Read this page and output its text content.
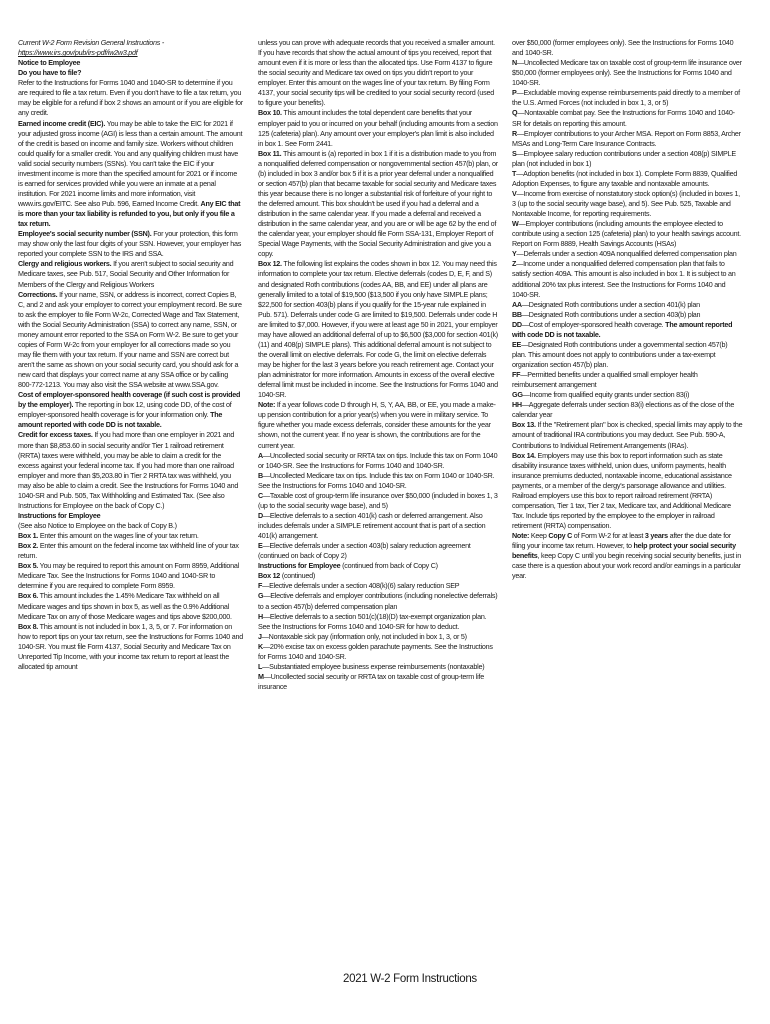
Current W-2 Form Revision General Instructions - https://www.irs.gov/pub/irs-pdf/iw2w3.pdf

Notice to Employee

Do you have to file?

Refer to the Instructions for Forms 1040 and 1040-SR to determine if you are required to file a tax return. Even if you don't have to file a tax return, you may be eligible for a refund if box 2 shows an amount or if you are eligible for any credit.

Earned income credit (EIC). You may be able to take the EIC for 2021 if your adjusted gross income (AGI) is less than a certain amount. The amount of the credit is based on income and family size. Workers without children could qualify for a smaller credit. You and any qualifying children must have valid social security numbers (SSNs). You can't take the EIC if your investment income is more than the specified amount for 2021 or if income is earned for services provided while you were an inmate at a penal institution. For 2021 income limits and more information, visit www.irs.gov/EITC. See also Pub. 596, Earned Income Credit. Any EIC that is more than your tax liability is refunded to you, but only if you file a tax return.

Employee's social security number (SSN). For your protection, this form may show only the last four digits of your SSN. However, your employer has reported your complete SSN to the IRS and SSA.

Clergy and religious workers. If you aren't subject to social security and Medicare taxes, see Pub. 517, Social Security and Other Information for Members of the Clergy and Religious Workers

Corrections. If your name, SSN, or address is incorrect, correct Copies B, C, and 2 and ask your employer to correct your employment record. Be sure to ask the employer to file Form W-2c, Corrected Wage and Tax Statement, with the Social Security Administration (SSA) to correct any name, SSN, or money amount error reported to the SSA on Form W-2. Be sure to get your copies of Form W-2c from your employer for all corrections made so you may file them with your tax return. If your name and SSN are correct but aren't the same as shown on your social security card, you should ask for a new card that displays your correct name at any SSA office or by calling 800-772-1213. You may also visit the SSA website at www.SSA.gov.

Cost of employer-sponsored health coverage (if such cost is provided by the employer). The reporting in box 12, using code DD, of the cost of employer-sponsored health coverage is for your information only. The amount reported with code DD is not taxable.

Credit for excess taxes. If you had more than one employer in 2021 and more than $8,853.60 in social security and/or Tier 1 railroad retirement (RRTA) taxes were withheld, you may be able to claim a credit for the excess against your federal income tax. If you had more than one railroad employer and more than $5,203.80 in Tier 2 RRTA tax was withheld, you may also be able to claim a credit. See the Instructions for Forms 1040 and 1040-SR and Pub. 505, Tax Withholding and Estimated Tax. (See also Instructions for Employee on the back of Copy C.)

Instructions for Employee

(See also Notice to Employee on the back of Copy B.)

Box 1. Enter this amount on the wages line of your tax return.

Box 2. Enter this amount on the federal income tax withheld line of your tax return.

Box 5. You may be required to report this amount on Form 8959, Additional Medicare Tax. See the Instructions for Forms 1040 and 1040-SR to determine if you are required to complete Form 8959.

Box 6. This amount includes the 1.45% Medicare Tax withheld on all Medicare wages and tips shown in box 5, as well as the 0.9% Additional Medicare Tax on any of those Medicare wages and tips above $200,000.

Box 8. This amount is not included in box 1, 3, 5, or 7. For information on how to report tips on your tax return, see the Instructions for Forms 1040 and 1040-SR. You must file Form 4137, Social Security and Medicare Tax on Unreported Tip Income, with your income tax return to report at least the allocated tip amount

unless you can prove with adequate records that you received a smaller amount. If you have records that show the actual amount of tips you received, report that amount even if it is more or less than the allocated tips. Use Form 4137 to figure the social security and Medicare tax owed on tips you didn't report to your employer. Enter this amount on the wages line of your tax return. By filing Form 4137, your social security tips will be credited to your social security record (used to figure your benefits).

Box 10. This amount includes the total dependent care benefits that your employer paid to you or incurred on your behalf (including amounts from a section 125 (cafeteria) plan). Any amount over your employer's plan limit is also included in box 1. See Form 2441.

Box 11. This amount is (a) reported in box 1 if it is a distribution made to you from a nonqualified deferred compensation or nongovernmental section 457(b) plan, or (b) included in box 3 and/or box 5 if it is a prior year deferral under a nonqualified or section 457(b) plan that became taxable for social security and Medicare taxes this year because there is no longer a substantial risk of forfeiture of your right to the deferred amount. This box shouldn't be used if you had a deferral and a distribution in the same calendar year. If you made a deferral and received a distribution in the same calendar year, and you are or will be age 62 by the end of the calendar year, your employer should file Form SSA-131, Employer Report of Special Wage Payments, with the Social Security Administration and give you a copy.

Box 12. The following list explains the codes shown in box 12. You may need this information to complete your tax return. Elective deferrals (codes D, E, F, and S) and designated Roth contributions (codes AA, BB, and EE) under all plans are generally limited to a total of $19,500 ($13,500 if you only have SIMPLE plans; $22,500 for section 403(b) plans if you qualify for the 15-year rule explained in Pub. 571). Deferrals under code G are limited to $19,500. Deferrals under code H are limited to $7,000. However, if you were at least age 50 in 2021, your employer may have allowed an additional deferral of up to $6,500 ($3,000 for section 401(k)(11) and 408(p) SIMPLE plans). This additional deferral amount is not subject to the overall limit on elective deferrals. For code G, the limit on elective deferrals may be higher for the last 3 years before you reach retirement age. Contact your plan administrator for more information. Amounts in excess of the overall elective deferral limit must be included in income. See the Instructions for Forms 1040 and 1040-SR.

Note: If a year follows code D through H, S, Y, AA, BB, or EE, you made a make-up pension contribution for a prior year(s) when you were in military service. To figure whether you made excess deferrals, consider these amounts for the year shown, not the current year. If no year is shown, the contributions are for the current year.

A—Uncollected social security or RRTA tax on tips. Include this tax on Form 1040 or 1040-SR. See the Instructions for Forms 1040 and 1040-SR.

B—Uncollected Medicare tax on tips. Include this tax on Form 1040 or 1040-SR. See the Instructions for Forms 1040 and 1040-SR.

C—Taxable cost of group-term life insurance over $50,000 (included in boxes 1, 3 (up to the social security wage base), and 5)

D—Elective deferrals to a section 401(k) cash or deferred arrangement. Also includes deferrals under a SIMPLE retirement account that is part of a section 401(k) arrangement.

E—Elective deferrals under a section 403(b) salary reduction agreement (continued on back of Copy 2)

Instructions for Employee (continued from back of Copy C)

Box 12 (continued)

F—Elective deferrals under a section 408(k)(6) salary reduction SEP

G—Elective deferrals and employer contributions (including nonelective deferrals) to a section 457(b) deferred compensation plan

H—Elective deferrals to a section 501(c)(18)(D) tax-exempt organization plan. See the Instructions for Forms 1040 and 1040-SR for how to deduct.

J—Nontaxable sick pay (information only, not included in box 1, 3, or 5)

K—20% excise tax on excess golden parachute payments. See the Instructions for Forms 1040 and 1040-SR.

L—Substantiated employee business expense reimbursements (nontaxable)

M—Uncollected social security or RRTA tax on taxable cost of group-term life insurance

over $50,000 (former employees only). See the Instructions for Forms 1040 and 1040-SR.

N—Uncollected Medicare tax on taxable cost of group-term life insurance over $50,000 (former employees only). See the Instructions for Forms 1040 and 1040-SR.

P—Excludable moving expense reimbursements paid directly to a member of the U.S. Armed Forces (not included in box 1, 3, or 5)

Q—Nontaxable combat pay. See the Instructions for Forms 1040 and 1040-SR for details on reporting this amount.

R—Employer contributions to your Archer MSA. Report on Form 8853, Archer MSAs and Long-Term Care Insurance Contracts.

S—Employee salary reduction contributions under a section 408(p) SIMPLE plan (not included in box 1)

T—Adoption benefits (not included in box 1). Complete Form 8839, Qualified Adoption Expenses, to figure any taxable and nontaxable amounts.

V—Income from exercise of nonstatutory stock option(s) (included in boxes 1, 3 (up to the social security wage base), and 5). See Pub. 525, Taxable and Nontaxable Income, for reporting requirements.

W—Employer contributions (including amounts the employee elected to contribute using a section 125 (cafeteria) plan) to your health savings account. Report on Form 8889, Health Savings Accounts (HSAs)

Y—Deferrals under a section 409A nonqualified deferred compensation plan

Z—Income under a nonqualified deferred compensation plan that fails to satisfy section 409A. This amount is also included in box 1. It is subject to an additional 20% tax plus interest. See the Instructions for Forms 1040 and 1040-SR.

AA—Designated Roth contributions under a section 401(k) plan

BB—Designated Roth contributions under a section 403(b) plan

DD—Cost of employer-sponsored health coverage. The amount reported with code DD is not taxable.

EE—Designated Roth contributions under a governmental section 457(b) plan. This amount does not apply to contributions under a tax-exempt organization section 457(b) plan.

FF—Permitted benefits under a qualified small employer health reimbursement arrangement

GG—Income from qualified equity grants under section 83(i)

HH—Aggregate deferrals under section 83(i) elections as of the close of the calendar year

Box 13. If the "Retirement plan" box is checked, special limits may apply to the amount of traditional IRA contributions you may deduct. See Pub. 590-A, Contributions to Individual Retirement Arrangements (IRAs).

Box 14. Employers may use this box to report information such as state disability insurance taxes withheld, union dues, uniform payments, health insurance premiums deducted, nontaxable income, educational assistance payments, or a member of the clergy's parsonage allowance and utilities. Railroad employers use this box to report railroad retirement (RRTA) compensation, Tier 1 tax, Tier 2 tax, Medicare tax, and Additional Medicare Tax. Include tips reported by the employee to the employer in railroad retirement (RRTA) compensation.

Note: Keep Copy C of Form W-2 for at least 3 years after the due date for filing your income tax return. However, to help protect your social security benefits, keep Copy C until you begin receiving social security benefits, just in case there is a question about your work record and/or earnings in a particular year.

2021 W-2 Form Instructions
